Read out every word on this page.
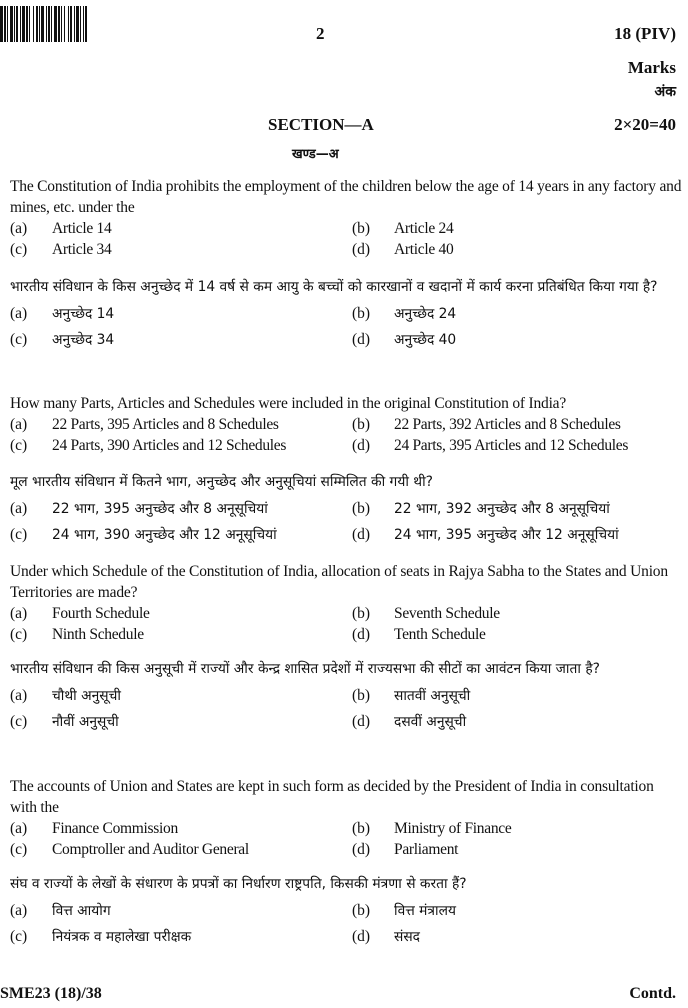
2	18 (PIV)
Marks
अंक
SECTION—A	2×20=40
खण्ड—अ
The Constitution of India prohibits the employment of the children below the age of 14 years in any factory and mines, etc. under the
(a)	Article 14	(b)	Article 24
(c)	Article 34	(d)	Article 40
भारतीय संविधान के किस अनुच्छेद में 14 वर्ष से कम आयु के बच्चों को कारखानों व खदानों में कार्य करना प्रतिबंधित किया गया है?
(a)	अनुच्छेद 14	(b)	अनुच्छेद 24
(c)	अनुच्छेद 34	(d)	अनुच्छेद 40
How many Parts, Articles and Schedules were included in the original Constitution of India?
(a)	22 Parts, 395 Articles and 8 Schedules	(b)	22 Parts, 392 Articles and 8 Schedules
(c)	24 Parts, 390 Articles and 12 Schedules	(d)	24 Parts, 395 Articles and 12 Schedules
मूल भारतीय संविधान में कितने भाग, अनुच्छेद और अनुसूचियां सम्मिलित की गयी थी?
(a)	22 भाग, 395 अनुच्छेद और 8 अनूसूचियां	(b)	22 भाग, 392 अनुच्छेद और 8 अनूसूचियां
(c)	24 भाग, 390 अनुच्छेद और 12 अनूसूचियां	(d)	24 भाग, 395 अनुच्छेद और 12 अनूसूचियां
Under which Schedule of the Constitution of India, allocation of seats in Rajya Sabha to the States and Union Territories are made?
(a)	Fourth Schedule	(b)	Seventh Schedule
(c)	Ninth Schedule	(d)	Tenth Schedule
भारतीय संविधान की किस अनुसूची में राज्यों और केन्द्र शासित प्रदेशों में राज्यसभा की सीटों का आवंटन किया जाता है?
(a)	चौथी अनुसूची	(b)	सातवीं अनुसूची
(c)	नौवीं अनुसूची	(d)	दसवीं अनुसूची
The accounts of Union and States are kept in such form as decided by the President of India in consultation with the
(a)	Finance Commission	(b)	Ministry of Finance
(c)	Comptroller and Auditor General	(d)	Parliament
संघ व राज्यों के लेखों के संधारण के प्रपत्रों का निर्धारण राष्ट्रपति, किसकी मंत्रणा से करता हैं?
(a)	वित्त आयोग	(b)	वित्त मंत्रालय
(c)	नियंत्रक व महालेखा परीक्षक	(d)	संसद
SME23 (18)/38	Contd.
